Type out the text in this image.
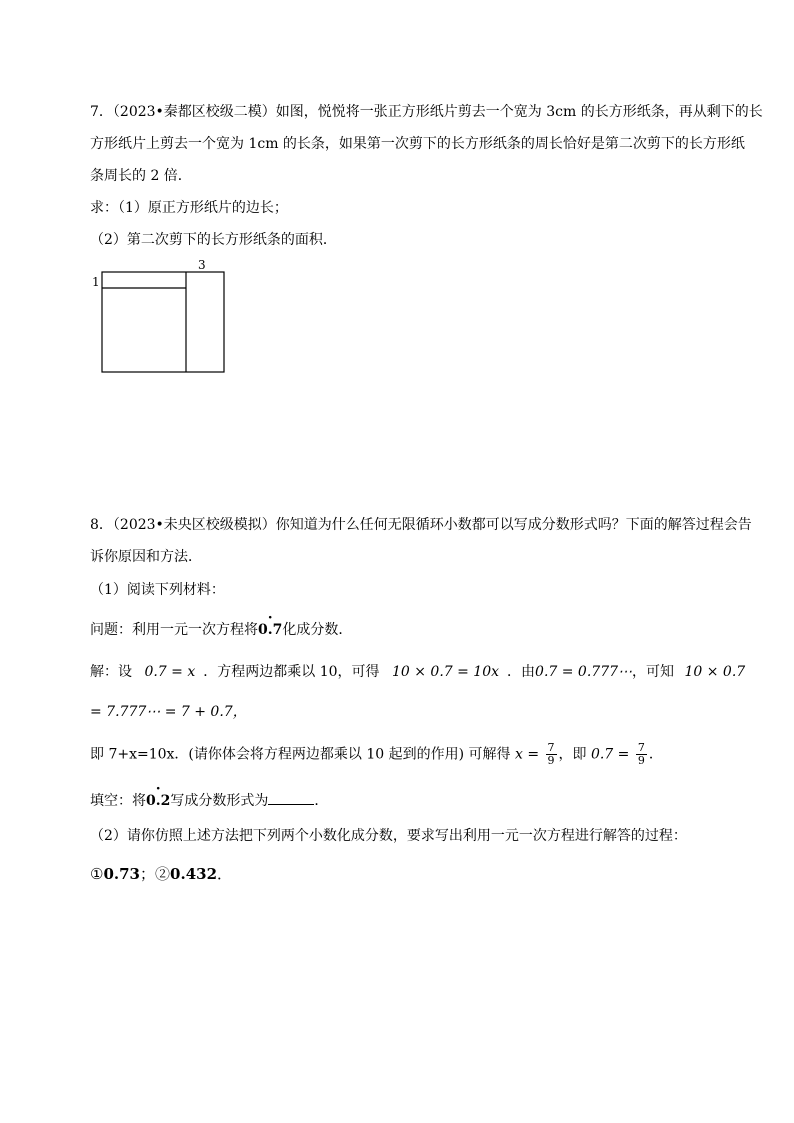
7．（2023•秦都区校级二模）如图，悦悦将一张正方形纸片剪去一个宽为 3cm 的长方形纸条，再从剩下的长
方形纸片上剪去一个宽为 1cm 的长条，如果第一次剪下的长方形纸条的周长恰好是第二次剪下的长方形纸
条周长的 2 倍．
求：（1）原正方形纸片的边长；
（2）第二次剪下的长方形纸条的面积．
3
1
8．（2023•未央区校级模拟）你知道为什么任何无限循环小数都可以写成分数形式吗？下面的解答过程会告
诉你原因和方法．
（1）阅读下列材料：
问题：利用一元一次方程将· 0.7化成分数．
解：设 0.7 = x ．方程两边都乘以 10，可得 10 × 0.7 = 10x ．由0.7 = 0.777⋯，可知 10 × 0.7
= 7.777⋯ = 7 + 0.7，
即 7+x=10x．(请你体会将方程两边都乘以 10 起到的作用) 可解得 $x = \frac{7}{9}$ ，即 $0.7 = \frac{7}{9}$ ．
填空：将· 0.2写成分数形式为	．
（2）请你仿照上述方法把下列两个小数化成分数，要求写出利用一元一次方程进行解答的过程：
①0.73；②0.432．
